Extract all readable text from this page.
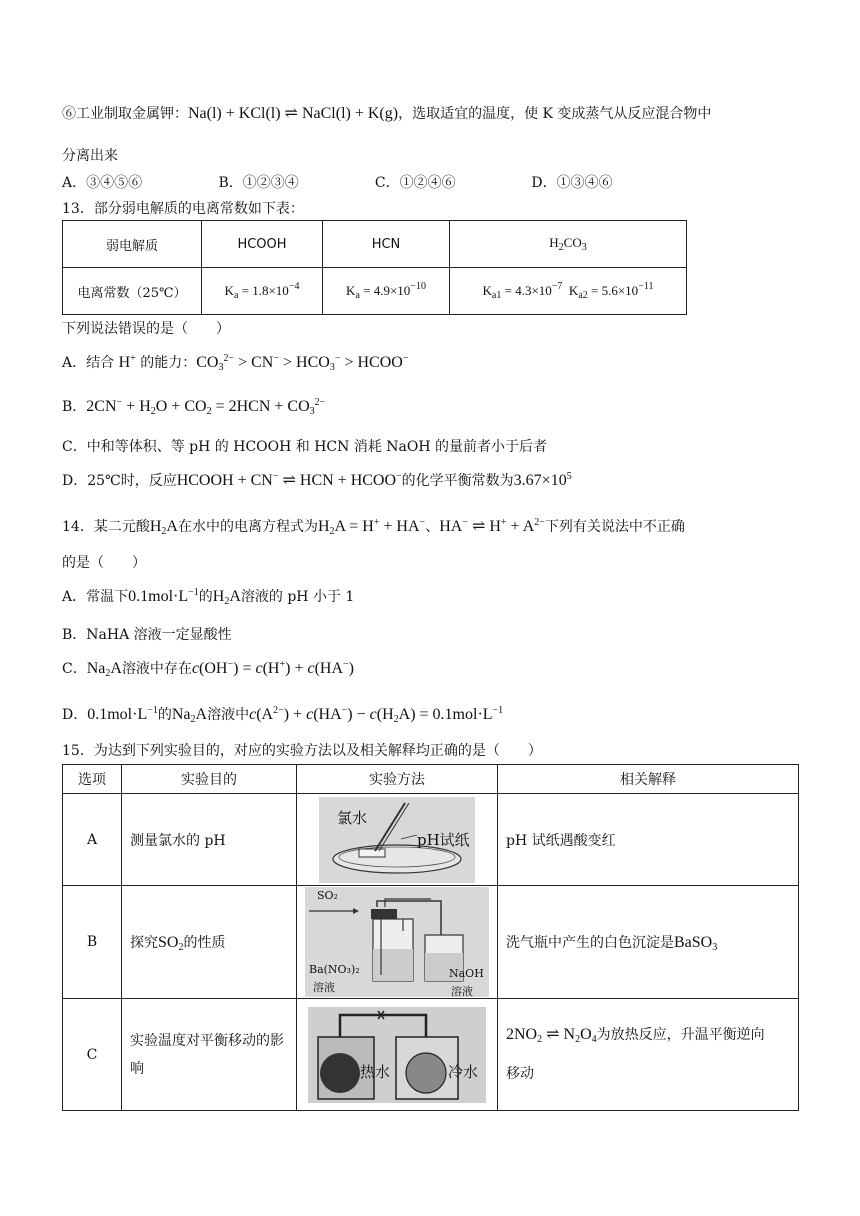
⑥工业制取金属钾：Na(l) + KCl(l) ⇌ NaCl(l) + K(g)，选取适宜的温度，使 K 变成蒸气从反应混合物中
分离出来
A．③④⑤⑥	B．①②③④	C．①②④⑥	D．①③④⑥
13．部分弱电解质的电离常数如下表：
弱电解质	HCOOH	HCN	$H_2CO_3$
电离常数（25℃）	$K_a = 1.8\times 10^{-4}$	$K_a = 4.9\times 10^{-10}$	$K_{a1} = 4.3\times 10^{-7}$  $K_{a2} = 5.6\times 10^{-11}$
下列说法错误的是（　　）
A．结合 H+ 的能力：$CO_3^{2-} > CN^- > HCO_3^-$ > HCOO−
B．$2CN^- + H_2O + CO_2 = 2HCN + CO_3^{2-}$
C．中和等体积、等 pH 的 HCOOH 和 HCN 消耗 NaOH 的量前者小于后者
D．25℃时，反应HCOOH + CN− ⇌ HCN + HCOO−的化学平衡常数为$3.67\times 10^5$
14．某二元酸$H_2A$在水中的电离方程式为$H_2A = H^+ + HA^-$、HA− ⇌ $H^+ + A^{2-}$下列有关说法中不正确
的是（　　）
A．常温下$0.1mol\cdot L^{-1}$的$H_2A$溶液的 pH 小于 1
B．NaHA 溶液一定显酸性
C．$Na_2A$溶液中存在c(OH−) = c(H+) + c(HA−)
D．$0.1mol\cdot L^{-1}$的$Na_2A$溶液中$c(A^{2-}) + c(HA^-) - c(H_2A) = 0.1mol\cdot L^{-1}$
15．为达到下列实验目的，对应的实验方法以及相关解释均正确的是（　　）
选项	实验目的	实验方法	相关解释
A	测量氯水的 pH	氯水
pH试纸	pH 试纸遇酸变红
B	探究$SO_2$的性质	SO₂
Ba(NO₃)₂
溶液
NaOH
溶液	洗气瓶中产生的白色沉淀是BaSO$_3$
C	实验温度对平衡移动的影响	热水 冷水	$2NO_2$ ⇌ $N_2O_4$为放热反应，升温平衡逆向
移动
